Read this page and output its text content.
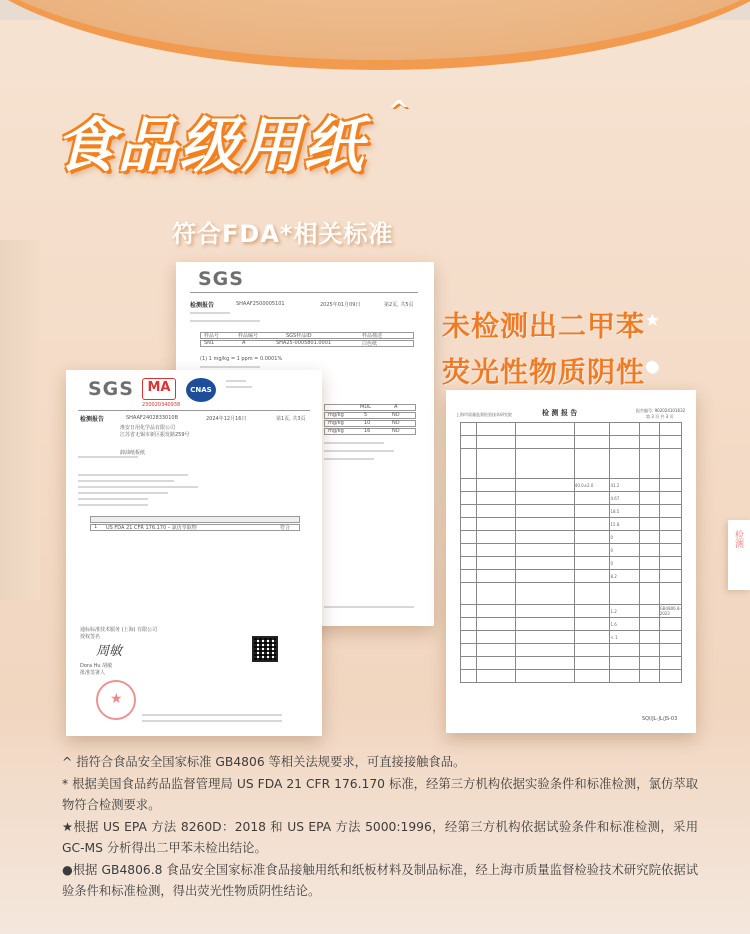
食品级用纸 ^
符合FDA*相关标准
未检测出二甲苯★
荧光性物质阴性●
SGS
检测报告	SHAAF2500005101	2025年01月09日	第2页, 共5页
样品号	样品编号	SGS样品ID	样品描述
SN1	A	SHA25-0005801.0001	白色纸
(1) 1 mg/kg = 1 ppm = 0.0001%
MDL	A
mg/kg	5	ND
mg/kg	10	ND
mg/kg	16	ND
SGS	MA
230020340938
CNAS
检测报告	SHAAF2402833010B	2024年12月16日	第1页, 共3页
淮安日用化学品有限公司
江苏省无锡市新区振发路259号
卸油纸板纸
1 US FDA 21 CFR 176.170 – 氯仿萃取物	符合
通标标准技术服务 (上海) 有限公司
授权签名
周敏
Dora Hu 胡敏
批准签署人
★
上海市质量监督检验技术研究院	检 测 报 告	报告编号: 902024101632
第 3 页 共 3 页

			40.0±2.0	41.2		
				4.67		
				18.5		
				15.8		
				0		
				0		
				0		
				8.2		

				1.2		GB4806.8-2022
				1.6		
				< 1		

SQI/JL-JL/JS-03
检测

^ 指符合食品安全国家标准 GB4806 等相关法规要求，可直接接触食品。

* 根据美国食品药品监督管理局 US FDA 21 CFR 176.170 标准，经第三方机构依据实验条件和标准检测，氯仿萃取物符合检测要求。

★根据 US EPA 方法 8260D：2018 和 US EPA 方法 5000:1996，经第三方机构依据试验条件和标准检测，采用 GC-MS 分析得出二甲苯未检出结论。

●根据 GB4806.8 食品安全国家标准食品接触用纸和纸板材料及制品标准，经上海市质量监督检验技术研究院依据试验条件和标准检测，得出荧光性物质阴性结论。
